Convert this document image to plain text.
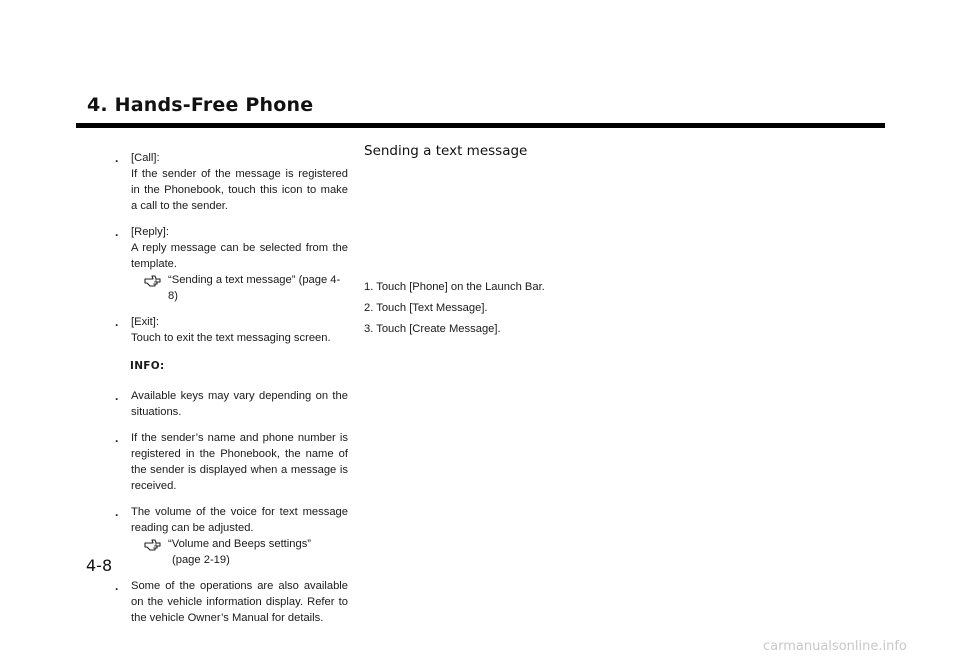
4. Hands-Free Phone
. [Call]:
If the sender of the message is registered in the Phonebook, touch this icon to make a call to the sender.
. [Reply]:
A reply message can be selected from the template.
“Sending a text message” (page 4-8)
. [Exit]:
Touch to exit the text messaging screen.
INFO:
. Available keys may vary depending on the situations.
. If the sender’s name and phone number is registered in the Phonebook, the name of the sender is displayed when a message is received.
. The volume of the voice for text message reading can be adjusted.
“Volume and Beeps settings”
(page 2-19)
. Some of the operations are also available on the vehicle information display. Refer to the vehicle Owner’s Manual for details.
Sending a text message
1. Touch [Phone] on the Launch Bar.
2. Touch [Text Message].
3. Touch [Create Message].

4-8

carmanualsonline.info
